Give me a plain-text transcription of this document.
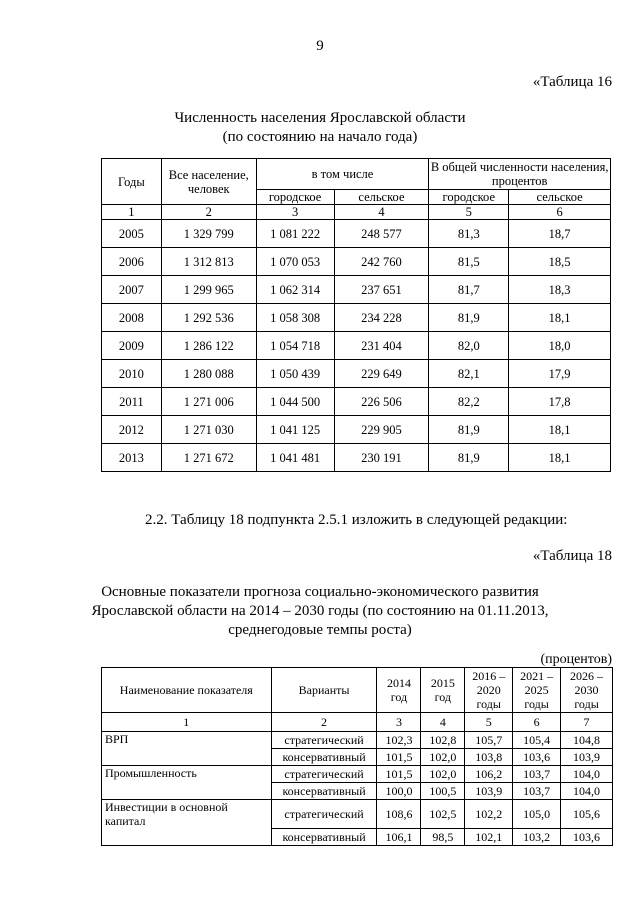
9
«Таблица 16
Численность населения Ярославской области
(по состоянию на начало года)
Годы	Все население, человек	в том числе		В общей численности населения, процентов	
		городское	сельское	городское	сельское
1	2	3	4	5	6
2005	1 329 799	1 081 222	248 577	81,3	18,7
2006	1 312 813	1 070 053	242 760	81,5	18,5
2007	1 299 965	1 062 314	237 651	81,7	18,3
2008	1 292 536	1 058 308	234 228	81,9	18,1
2009	1 286 122	1 054 718	231 404	82,0	18,0
2010	1 280 088	1 050 439	229 649	82,1	17,9
2011	1 271 006	1 044 500	226 506	82,2	17,8
2012	1 271 030	1 041 125	229 905	81,9	18,1
2013	1 271 672	1 041 481	230 191	81,9	18,1
2.2. Таблицу 18 подпункта 2.5.1 изложить в следующей редакции:
«Таблица 18
Основные показатели прогноза социально-экономического развития
Ярославской области на 2014 – 2030 годы (по состоянию на 01.11.2013,
среднегодовые темпы роста)
(процентов)
Наименование показателя	Варианты	2014 год	2015 год	2016 – 2020 годы	2021 – 2025 годы	2026 – 2030 годы
1	2	3	4	5	6	7
ВРП	стратегический	102,3	102,8	105,7	105,4	104,8
	консервативный	101,5	102,0	103,8	103,6	103,9
Промышленность	стратегический	101,5	102,0	106,2	103,7	104,0
	консервативный	100,0	100,5	103,9	103,7	104,0
Инвестиции в основной капитал	стратегический	108,6	102,5	102,2	105,0	105,6
	консервативный	106,1	98,5	102,1	103,2	103,6
